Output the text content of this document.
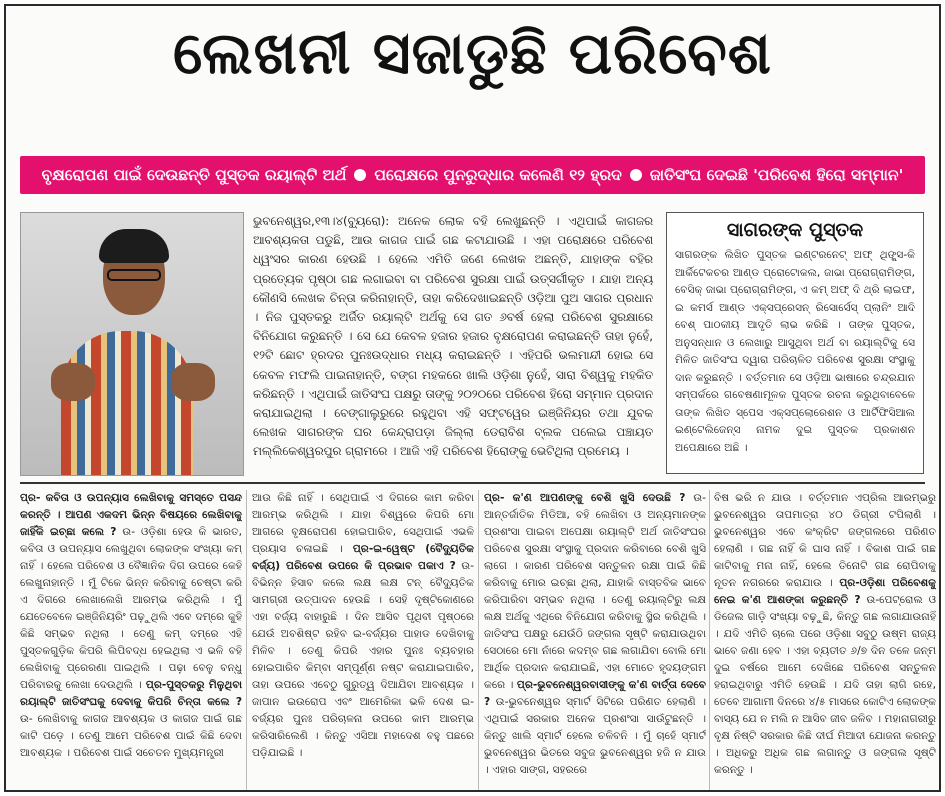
ଲେଖନୀ ସଜାଡୁଛି ପରିବେଶ
ବୃକ୍ଷରୋପଣ ପାଇଁ ଦେଉଛନ୍ତି ପୁସ୍ତକ ରୟାଲ୍ଟି ଅର୍ଥ ପରୋକ୍ଷରେ ପୁନରୁଦ୍ଧାର କଲେଣି ୧୨ ହ୍ରଦ ଜାତିସଂଘ ଦେଇଛି 'ପରିବେଶ ହିରୋ ସମ୍ମାନ'
ଭୁବନେଶ୍ୱର,୧୩।୪(ବ୍ୟୁରୋ): ଅନେକ ଲୋକ ବହି ଲେଖୁଛନ୍ତି । ଏଥିପାଇଁ କାଗଜର ଆବଶ୍ୟକତା ପଡୁଛି, ଆଉ କାଗଜ ପାଇଁ ଗଛ କଟାଯାଉଛି । ଏହା ପରୋକ୍ଷରେ ପରିବେଶ ଧ୍ୱଂସର କାରଣ ହେଉଛି । ହେଲେ ଏମିତି ଜଣେ ଲେଖକ ଅଛନ୍ତି, ଯାହାଙ୍କ ବହିର ପ୍ରତ୍ୟେକ ପୃଷ୍ଠା ଗଛ ଲଗାଇବା ବା ପରିବେଶ ସୁରକ୍ଷା ପାଇଁ ଉତ୍ସର୍ଗୀକୃତ । ଯାହା ଅନ୍ୟ କୌଣସି ଲେଖକ ଚିନ୍ତା କରିନାହାନ୍ତି, ତାହା କରିଦେଖାଇଛନ୍ତି ଓଡ଼ିଆ ପୁଅ ସାଗର ପ୍ରଧାନ । ନିଜ ପୁସ୍ତକରୁ ଅର୍ଜିତ ରୟାଲ୍ଟି ଅର୍ଥକୁ ସେ ଗତ ୬ବର୍ଷ ହେଲା ପରିବେଶ ସୁରକ୍ଷାରେ ବିନିଯୋଗ କରୁଛନ୍ତି । ସେ ଯେ କେବଳ ହଜାର ହଜାର ବୃକ୍ଷରୋପଣ କରାଇଛନ୍ତି ତାହା ନୁହେଁ, ୧୨ଟି ଛୋଟ ହ୍ରଦର ପୁନଃଉଦ୍ଧାର ମଧ୍ୟ କରାଇଛନ୍ତି । ଏହିପରି ଭଲମାନ୍ଦୀ ହୋଇ ସେ କେବଳ ମଫଲି ପାଇନାହାନ୍ତି, ବଙ୍ଗ ମହକରେ ଖାଲି ଓଡ଼ିଶା ନୁହେଁ, ସାରା ବିଶ୍ୱକୁ ମହକିତ କରିଛନ୍ତି । ଏଥିପାଇଁ ଜାତିସଂଘ ପକ୍ଷରୁ ତାଙ୍କୁ ୨୦୨୦ରେ ପରିବେଶ ହିରୋ ସମ୍ମାନ ପ୍ରଦାନ କରାଯାଇଥିଲା । ବେଙ୍ଗାଲୁରୁରେ ରହୁଥିବା ଏହି ସଫ୍ଟୱେର ଇଞ୍ଜିନିୟର ତଥା ଯୁବକ ଲେଖକ ସାଗରଙ୍କ ଘର କେନ୍ଦ୍ରାପଡ଼ା ଜିଲ୍ଲା ଡେରାବିଶ ବ୍ଲକ ପଲେଇ ପଞ୍ଚାୟତ ମଲ୍ଲିକେଶ୍ୱରପୁର ଗ୍ରାମରେ । ଆଜି ଏହି ପରିବେଶ ହିରୋଙ୍କୁ ଭେଟିଥିଲା ପ୍ରମେୟ ।
ସାଗରଙ୍କ ପୁସ୍ତକ
ସାଗରଙ୍କ ଲିଖିତ ପୁସ୍ତକ ଇଣ୍ଟରନେଟ୍ ଅଫ୍ ଥିଙ୍ଗ୍ସ-କି ଆର୍କିଟେକଚର ଆଣ୍ଡ ପ୍ରୋଟୋକଲ, ଜାଭା ପ୍ରୋଗ୍ରାମିଙ୍ଗ, ବେସିକ୍ ଜାଭା ପ୍ରୋଗ୍ରାମିଙ୍ଗ, ଏ କମ୍ ଅଫ୍ ଦି ଥ୍ରି ଲାଇଫ, ଇ କମର୍ସ ଆଣ୍ଡ ଏକ୍ସପ୍ରେସନ୍ ରିସୋର୍ସେସ୍ ପ୍ଲାନିଂ ଆଦି ବେଶ୍ ପାଠକୀୟ ଆଦୃତି ଲାଭ କରିଛି । ତାଙ୍କ ପୁସ୍ତକ, ଅନୁସନ୍ଧାନ ଓ ଲେଖାରୁ ଆସୁଥିବା ଅର୍ଥ ବା ରୟାଲ୍ଟିକୁ ସେ ମିଳିତ ଜାତିସଂଘ ଦ୍ୱାରା ପରିଚାଳିତ ପରିବେଶ ସୁରକ୍ଷା ସଂସ୍ଥାକୁ ଦାନ କରୁଛନ୍ତି । ବର୍ତ୍ତମାନ ସେ ଓଡ଼ିଆ ଭାଷାରେ ଚନ୍ଦ୍ରଯାନ ସମ୍ପର୍କରେ ଗବେଷଣାମୂଳକ ପୁସ୍ତକ ରଚନା କରୁଥିବାବେଳେ ତାଙ୍କ ଲିଖିତ ସ୍ପେସ ଏକ୍ସପ୍ଲୋରେଶନ ଓ ଆର୍ଟିଫିସିଆଲ ଇଣ୍ଟେଲିଜେନ୍ସ ନାମକ ଦୁଇ ପୁସ୍ତକ ପ୍ରକାଶନ ଅପେକ୍ଷାରେ ଅଛି ।
ପ୍ର- କବିତା ଓ ଉପନ୍ୟାସ ଲେଖିବାକୁ ସମସ୍ତେ ପସନ୍ଦ କରନ୍ତି । ଆପଣ ଏକଦମ ଭିନ୍ନ ବିଷୟରେ ଲେଖିବାକୁ ଜାହିଁକି ଇଚ୍ଛା କଲେ ? ଉ- ଓଡ଼ିଶା ହେଉ କି ଭାରତ, କବିତା ଓ ଉପନ୍ୟାସ ଲେଖୁଥିବା ଲୋକଙ୍କ ସଂଖ୍ୟା କମ୍ ନାହିଁ । ହେଲେ ପରିବେଶ ଓ ବୈଜ୍ଞାନିକ ଦିଗ ଉପରେ କେହି ଲେଖୁନାହାନ୍ତି । ମୁଁ ଟିକେ ଭିନ୍ନ କରିବାକୁ ଚେଷ୍ଟା କରି ଏ ଦିଗରେ ଲେଖାଲେଖି ଆରମ୍ଭ କରିଥିଲି । ମୁଁ ଯେତେବେଳେ ଇଞ୍ଜିନିୟରିଂ ପଢ଼ୁଥିଲି ଏବେ ଦମ୍‌ରେ କୁହି କିଛି ସମ୍ଭବ ନଥିଲା । ତେଣୁ କମ୍ ଦମ୍‌ରେ ଏହି ପୁସ୍ତକଗୁଡ଼ିକ କିପରି ଲିପିବଦ୍ଧ ହେଇଥିଲା ଏ ଭଳି ବହି ଲେଖିବାକୁ ପ୍ରେରଣା ପାଇଥିଲି । ପଢ଼ା ବେଳୁ ବନ୍ଧୁ ପରିବାରକୁ ଲେଖା ଦେଉଥିଲି । ପ୍ର-ପୁସ୍ତକରୁ ମିଳୁଥିବା ରୟାଲ୍ଟି ଜାତିସଂଘକୁ ଦେବାକୁ କିପରି ଚିନ୍ତା କଲେ ? ଉ- ଲେଖିବାକୁ କାଗଜ ଆବଶ୍ୟକ ଓ କାଗଜ ପାଇଁ ଗଛ କାଟି ପଡ଼େ । ତେଣୁ ଆମେ ପରିବେଶ ପାଇଁ କିଛି ଦେବା ଆବଶ୍ୟକ । ପରିବେଶ ପାଇଁ ସଚେତନ ମୁଖ୍ୟମନ୍ତ୍ରୀ
ଆଉ କିଛି ନାହିଁ । ସେଥିପାଇଁ ଏ ଦିଗରେ କାମ କରିବା ଆରମ୍ଭ କରିଥିଲି । ଯାହା ବିଶ୍ୱରେ କିପରି ମୋ ଆଗରେ ବୃକ୍ଷରୋପଣ ହୋଇପାରିବ, ସେଥିପାଇଁ ଏଭଳି ପ୍ରୟାସ ଚଳାଇଛି । ପ୍ର-ଇ-ୱେଷ୍ଟ (ବୈଦ୍ୟୁତିକ ବର୍ଜ୍ୟ) ପରିବେଶ ଉପରେ କି ପ୍ରଭାବ ପକାଏ ? ଉ-ବିଭିନ୍ନ ହିସାବ କଲେ ଲକ୍ଷ ଲକ୍ଷ ଟନ୍ ବୈଦ୍ୟୁତିକ ସାମଗ୍ରୀ ଉତ୍ପାଦନ ହେଉଛି । ସେହି ଦୃଷ୍ଟିକୋଣରେ ଏହା ବର୍ଜ୍ୟ ବାହାରୁଛି । ଦିନ ଆସିବ ପୃଥିବୀ ପୃଷ୍ଠରେ ଯେଉଁ ଅବଶିଷ୍ଟ ରହିବ ଇ-ବର୍ଜ୍ୟର ପାହାଡ ଦେଖିବାକୁ ମିଳିବ । ତେଣୁ କିପରି ଏହାର ପୁନଃ ବ୍ୟବହାର ହୋଇପାରିବ କିମ୍ବା ସମ୍ପୂର୍ଣ୍ଣ ନଷ୍ଟ କରାଯାଇପାରିବ, ତାହା ଉପରେ ଏବେଠୁ ଗୁରୁତ୍ୱ ଦିଆଯିବା ଆବଶ୍ୟକ । ଜାପାନ ଇଉରୋପ ଏବଂ ଆମେରିକା ଭଳି ଦେଶ ଇ-ବର୍ଜ୍ୟର ପୁନଃ ପରିଚାଳନା ଉପରେ କାମ ଆରମ୍ଭ କରିସାରିଲେଣି । କିନ୍ତୁ ଏସିଆ ମହାଦେଶ ବହୁ ପଛରେ ପଡ଼ିଯାଇଛି ।
ପ୍ର- କ'ଣ ଆପଣଙ୍କୁ ବେଶି ଖୁସି ଦେଉଛି ? ଉ-ଆନ୍ତର୍ଜାତିକ ମିଡିଆ, ବହି ଲେଖିବା ଓ ଅନ୍ୟମାନଙ୍କ ପ୍ରଶଂସା ପାଇବା ଅପେକ୍ଷା ରୟାଲ୍ଟି ଅର୍ଥ ଜାତିସଂଘର ପରିବେଶ ସୁରକ୍ଷା ସଂସ୍ଥାକୁ ପ୍ରଦାନ କରିବାରେ ବେଶି ଖୁସି ଲାଗେ । କାରଣ ପରିବେଶ ସନ୍ତୁଳନ ରକ୍ଷା ପାଇଁ କିଛି କରିବାକୁ ମୋର ଇଚ୍ଛା ଥିଲା, ଯାହାକି ବାସ୍ତବିକ ଭାବେ କରିପାରିବା ସମ୍ଭବ ନଥିଲା । ତେଣୁ ରୟାଲ୍ଟିରୁ ଲକ୍ଷ ଲକ୍ଷ ଅର୍ଥକୁ ଏଥିରେ ବିନିଯୋଗ କରିବାକୁ ସ୍ଥିର କରିଥିଲି । ଜାତିସଂଘ ପକ୍ଷରୁ ଯେଉଁଠି ଜଙ୍ଗଲ ସୃଷ୍ଟି କରାଯାଉଥିବା ସେଠାରେ ମୋ ନାଁରେ କଦମ୍ବ ଗଛ ଲଗାଯିବା ବୋଲି ମୋ ଆର୍ଥିକ ପ୍ରଦାନ କରାଯାଇଛି, ଏହା ମୋତେ ହୃଦୟଙ୍ଗମ କରେ । ପ୍ର-ଭୁବନେଶ୍ୱରବାସୀଙ୍କୁ କ'ଣ ବାର୍ତ୍ତା ଦେବେ ? ଉ-ଭୁବନେଶ୍ୱର ସ୍ମାର୍ଟ ସିଟିରେ ପରିଣତ ହେଲାଣି । ଏଥିପାଇଁ ସରକାର ଅନେକ ପ୍ରଶଂସା ସାଉଁଟୁଛନ୍ତି । କିନ୍ତୁ ଖାଲି ସ୍ମାର୍ଟ ହେଲେ ଚଳିବନି । ମୁଁ ଚାହେଁ ସ୍ମାର୍ଟ ଭୁବନେଶ୍ୱର ଭିତରେ ସବୁଜ ଭୁବନେଶ୍ୱର ହଜି ନ ଯାଉ । ଏହାର ସାଙ୍ଗ, ସହରରେ
ବିଷ ଭରି ନ ଯାଉ । ବର୍ତ୍ତମାନ ଏପ୍ରିଲ ଆରମ୍ଭରୁ ଭୁବନେଶ୍ୱର ତାପମାତ୍ରା ୪୦ ଡିଗ୍ରୀ ଟପିଲାଣି । ଭୁବନେଶ୍ୱର ଏବେ କଂକ୍ରିଟ ଜଙ୍ଗଲରେ ପରିଣତ ହେଲାଣି । ଗଛ ନାହିଁ କି ଘାସ ନାହିଁ । ବିକାଶ ପାଇଁ ଗଛ କାଟିବାକୁ ମନା ନାହିଁ, ହେଲେ ତିନୋଟି ଗଛ ରୋପିବାକୁ ନୂତନ ନଗରରେ କରାଯାଉ । ପ୍ର-ଓଡ଼ିଶା ପରିବେଶକୁ ନେଇ କ'ଣ ଆଶଙ୍କା କରୁଛନ୍ତି ? ଉ-ପେଟ୍ରୋଲ ଓ ଡିଜେଲ ଗାଡ଼ି ସଂଖ୍ୟା ବଢ଼ୁଛି, କିନ୍ତୁ ଗଛ ଲଗାଯାଉନାହିଁ । ଯଦି ଏମିତି ଚାଲେ ପରେ ଓଡ଼ିଶା ସବୁଠୁ ଉଷ୍ମ ରାଜ୍ୟ ଭାବେ ଜଣା ହେବ । ଏହା ବ୍ୟତୀତ ୬/୭ ଦିନ ତଳେ ଜନ୍ମ ଦୁଇ ବର୍ଷରେ ଆମେ ଦେଖିଛେ ପରିବେଶ ସନ୍ତୁଳନ ହରାଇଥିବାରୁ ଏମିତି ହେଉଛି । ଯଦି ତାହା ଲାଗି ରହେ, ତେବେ ଆଗାମୀ ଦିନରେ ୪/୫ ମାସରେ କୋଟିଏ ଲୋକଙ୍କ ବାସ୍ୟ ଯେ ନ ମଲି ନ ଆସିବ ଜୀବ ଜଳିବ । ମହାନାଗରୀରୁ ବୃକ୍ଷ ନିଷ୍ଟି ସରକାର କିଛି ଦୀର୍ଘ ମିଆଦୀ ଯୋଜନା କରନ୍ତୁ । ଅଧିକରୁ ଅଧିକ ଗଛ ଲଗାନ୍ତୁ ଓ ଜଙ୍ଗଲ ସୃଷ୍ଟି କରନ୍ତୁ ।
